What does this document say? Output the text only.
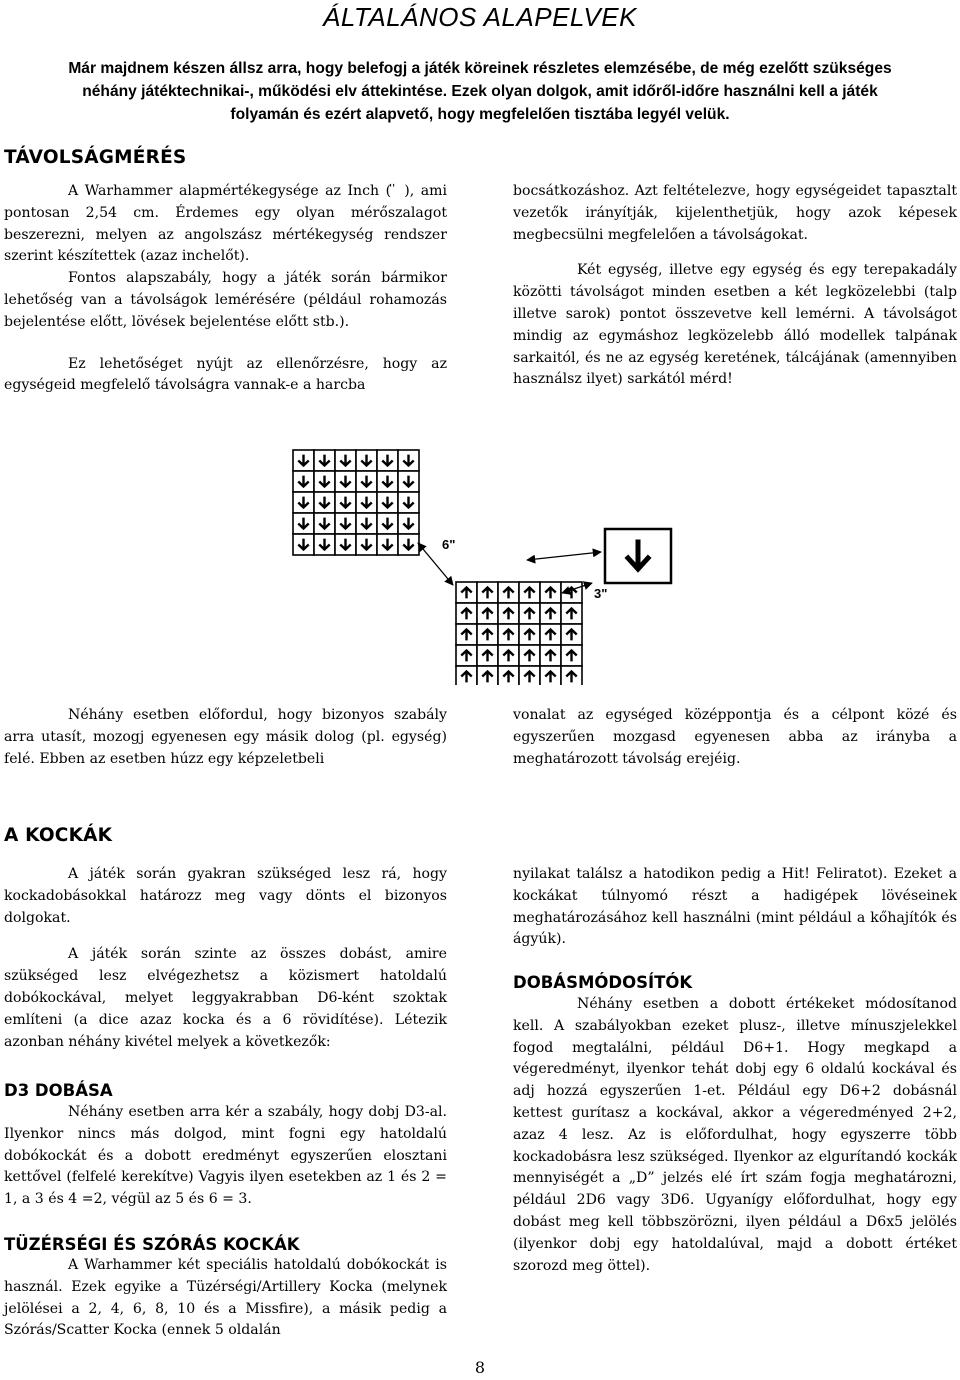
ÁLTALÁNOS ALAPELVEK
Már majdnem készen állsz arra, hogy belefogj a játék köreinek részletes elemzésébe, de még ezelőtt szükséges
néhány játéktechnikai-, működési elv áttekintése. Ezek olyan dolgok, amit időről-időre használni kell a játék
folyamán és ezért alapvető, hogy megfelelően tisztába legyél velük.
TÁVOLSÁGMÉRÉS

A Warhammer alapmértékegysége az Inch ( ̎ ), ami pontosan 2,54 cm. Érdemes egy olyan mérőszalagot beszerezni, melyen az angolszász mértékegység rendszer szerint készítettek (azaz inchelőt).

Fontos alapszabály, hogy a játék során bármikor lehetőség van a távolságok lemérésére (például rohamozás bejelentése előtt, lövések bejelentése előtt stb.).

Ez lehetőséget nyújt az ellenőrzésre, hogy az egységeid megfelelő távolságra vannak-e a harcba

bocsátkozáshoz. Azt feltételezve, hogy egységeidet tapasztalt vezetők irányítják, kijelenthetjük, hogy azok képesek megbecsülni megfelelően a távolságokat.

Két egység, illetve egy egység és egy terepakadály közötti távolságot minden esetben a két legközelebbi (talp illetve sarok) pontot összevetve kell lemérni. A távolságot mindig az egymáshoz legközelebb álló modellek talpának sarkaitól, és ne az egység keretének, tálcájának (amennyiben használsz ilyet) sarkától mérd!

6"
3"

Néhány esetben előfordul, hogy bizonyos szabály arra utasít, mozogj egyenesen egy másik dolog (pl. egység) felé. Ebben az esetben húzz egy képzeletbeli

vonalat az egységed középpontja és a célpont közé és egyszerűen mozgasd egyenesen abba az irányba a meghatározott távolság erejéig.

A KOCKÁK

A játék során gyakran szükséged lesz rá, hogy kockadobásokkal határozz meg vagy dönts el bizonyos dolgokat.

A játék során szinte az összes dobást, amire szükséged lesz elvégezhetsz a közismert hatoldalú dobókockával, melyet leggyakrabban D6-ként szoktak említeni (a dice azaz kocka és a 6 rövidítése). Létezik azonban néhány kivétel melyek a következők:

D3 DOBÁSA

Néhány esetben arra kér a szabály, hogy dobj D3-al. Ilyenkor nincs más dolgod, mint fogni egy hatoldalú dobókockát és a dobott eredményt egyszerűen elosztani kettővel (felfelé kerekítve) Vagyis ilyen esetekben az 1 és 2 = 1, a 3 és 4 =2, végül az 5 és 6 = 3.

TÜZÉRSÉGI ÉS SZÓRÁS KOCKÁK

A Warhammer két speciális hatoldalú dobókockát is használ. Ezek egyike a Tüzérségi/Artillery Kocka (melynek jelölései a 2, 4, 6, 8, 10 és a Missfire), a másik pedig a Szórás/Scatter Kocka (ennek 5 oldalán

nyilakat találsz a hatodikon pedig a Hit! Feliratot). Ezeket a kockákat túlnyomó részt a hadigépek lövéseinek meghatározásához kell használni (mint például a kőhajítók és ágyúk).

DOBÁSMÓDOSÍTÓK

Néhány esetben a dobott értékeket módosítanod kell. A szabályokban ezeket plusz-, illetve mínuszjelekkel fogod megtalálni, például D6+1. Hogy megkapd a végeredményt, ilyenkor tehát dobj egy 6 oldalú kockával és adj hozzá egyszerűen 1-et. Például egy D6+2 dobásnál kettest gurítasz a kockával, akkor a végeredményed 2+2, azaz 4 lesz. Az is előfordulhat, hogy egyszerre több kockadobásra lesz szükséged. Ilyenkor az elgurítandó kockák mennyiségét a „D” jelzés elé írt szám fogja meghatározni, például 2D6 vagy 3D6. Ugyanígy előfordulhat, hogy egy dobást meg kell többszörözni, ilyen például a D6x5 jelölés (ilyenkor dobj egy hatoldalúval, majd a dobott értéket szorozd meg öttel).

8
